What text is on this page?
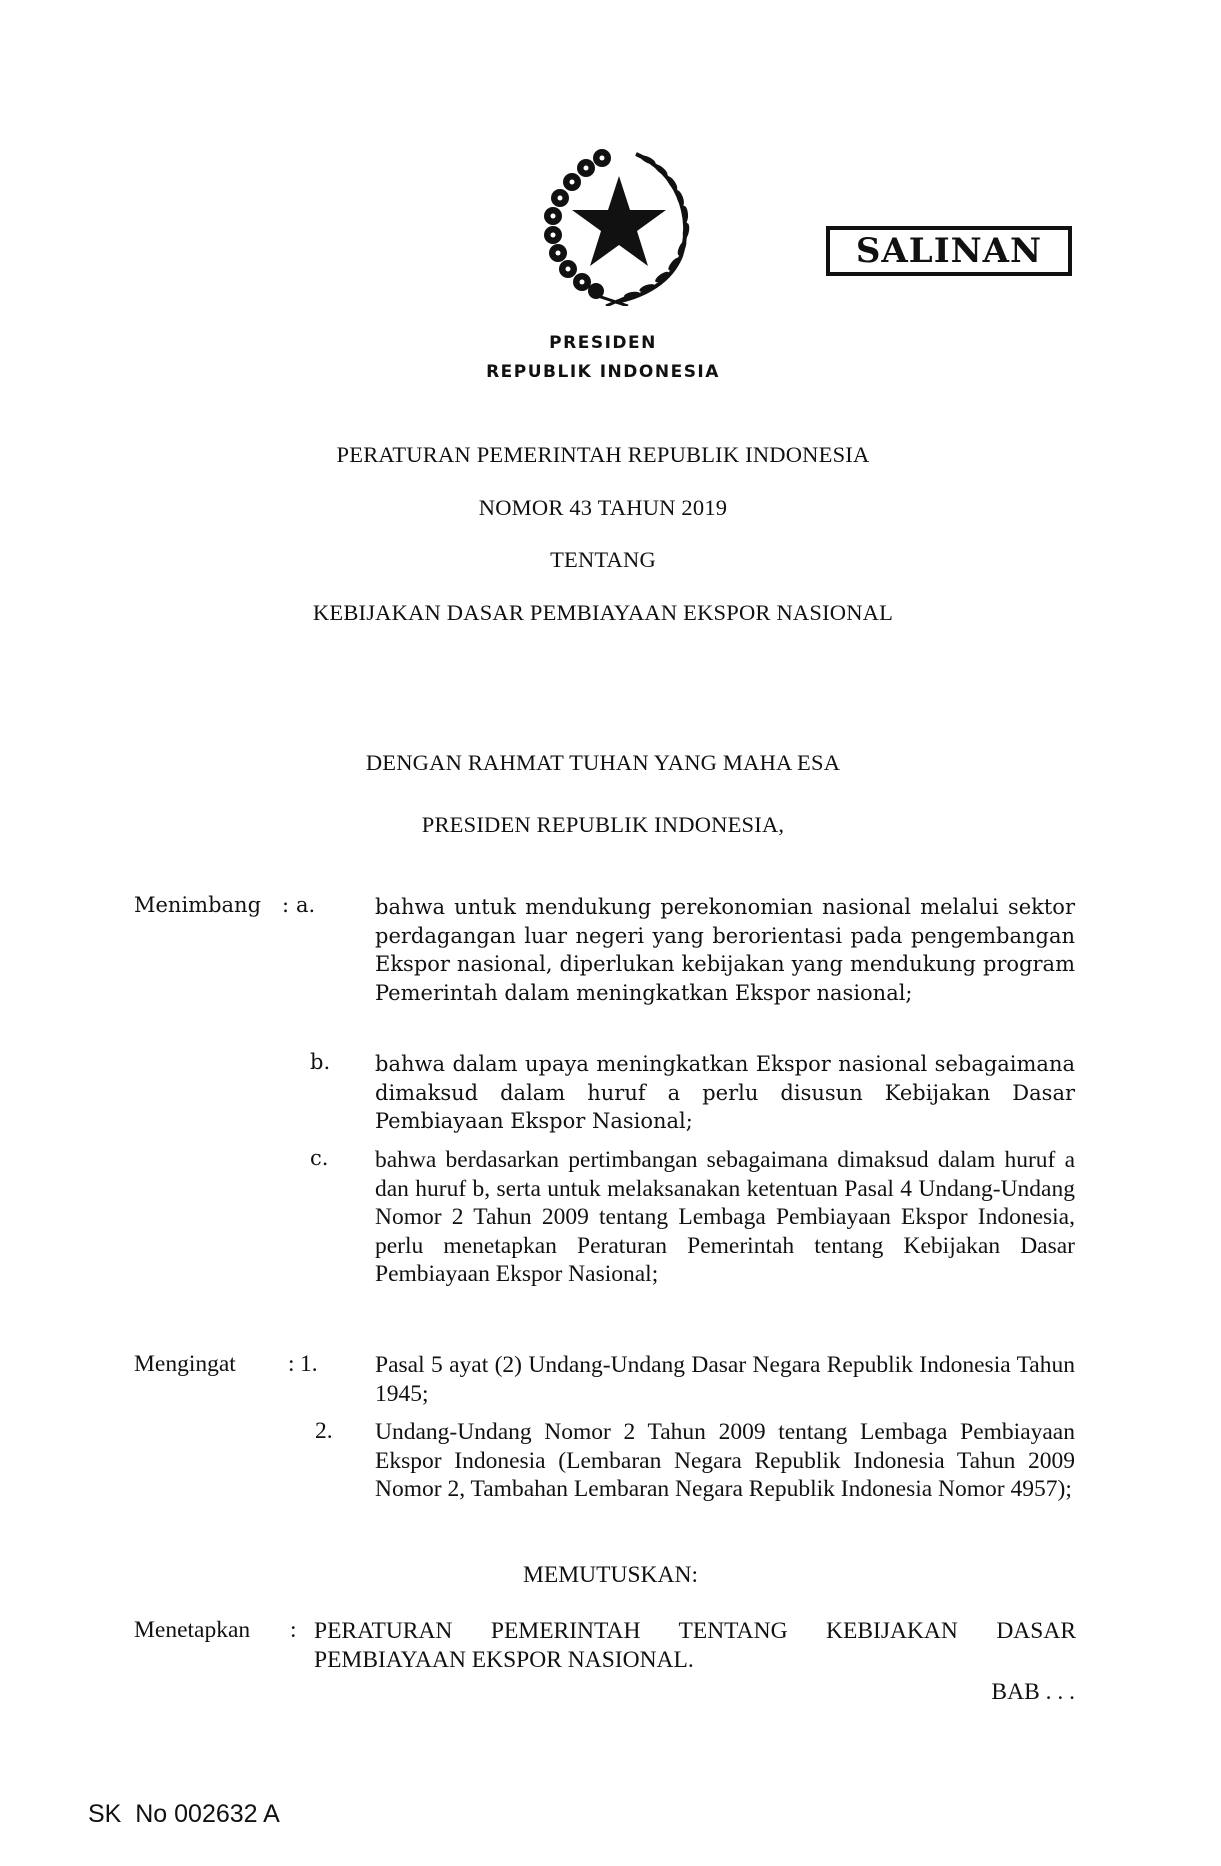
SALINAN
PRESIDEN
REPUBLIK INDONESIA
PERATURAN PEMERINTAH REPUBLIK INDONESIA
NOMOR 43 TAHUN 2019
TENTANG
KEBIJAKAN DASAR PEMBIAYAAN EKSPOR NASIONAL
DENGAN RAHMAT TUHAN YANG MAHA ESA
PRESIDEN REPUBLIK INDONESIA,
Menimbang : a.	bahwa untuk mendukung perekonomian nasional melalui sektor perdagangan luar negeri yang berorientasi pada pengembangan Ekspor nasional, diperlukan kebijakan yang mendukung program Pemerintah dalam meningkatkan Ekspor nasional;
b. bahwa dalam upaya meningkatkan Ekspor nasional sebagaimana dimaksud dalam huruf a perlu disusun Kebijakan Dasar Pembiayaan Ekspor Nasional;
c. bahwa berdasarkan pertimbangan sebagaimana dimaksud dalam huruf a dan huruf b, serta untuk melaksanakan ketentuan Pasal 4 Undang-Undang Nomor 2 Tahun 2009 tentang Lembaga Pembiayaan Ekspor Indonesia, perlu menetapkan Peraturan Pemerintah tentang Kebijakan Dasar Pembiayaan Ekspor Nasional;
Mengingat : 1. Pasal 5 ayat (2) Undang-Undang Dasar Negara Republik Indonesia Tahun 1945;
2. Undang-Undang Nomor 2 Tahun 2009 tentang Lembaga Pembiayaan Ekspor Indonesia (Lembaran Negara Republik Indonesia Tahun 2009 Nomor 2, Tambahan Lembaran Negara Republik Indonesia Nomor 4957);
MEMUTUSKAN:
Menetapkan : PERATURAN PEMERINTAH TENTANG KEBIJAKAN DASAR PEMBIAYAAN EKSPOR NASIONAL.
BAB . . .
SK  No 002632 A
